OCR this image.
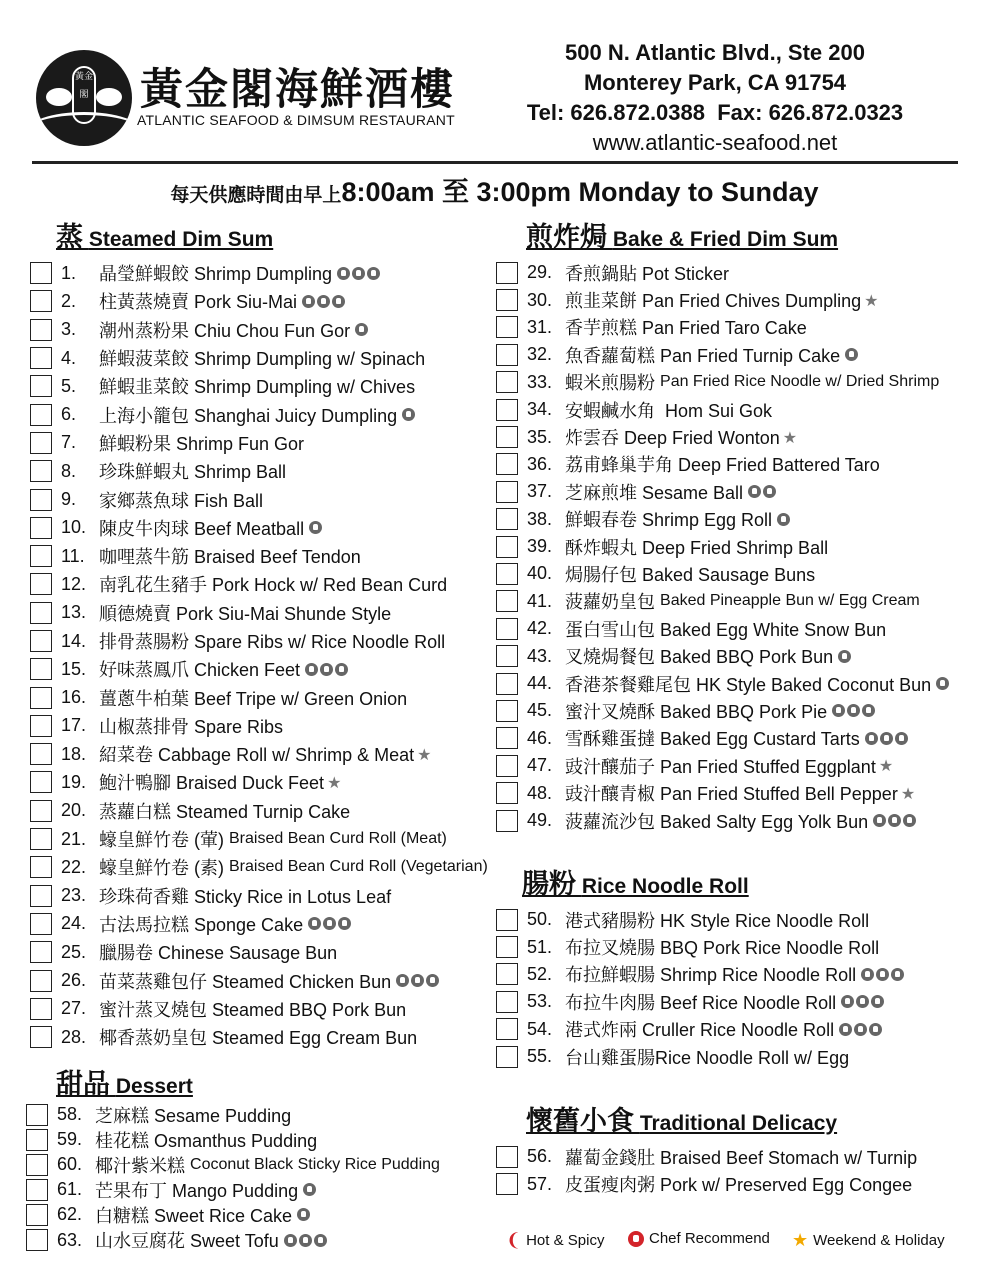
黃金閣 黃金閣海鮮酒樓
ATLANTIC SEAFOOD & DIMSUM RESTAURANT
500 N. Atlantic Blvd., Ste 200
Monterey Park, CA 91754
Tel: 626.872.0388  Fax: 626.872.0323
www.atlantic-seafood.net
每天供應時間由早上8:00am 至 3:00pm Monday to Sunday
蒸 Steamed Dim Sum
1.	晶瑩鮮蝦餃 Shrimp Dumpling
2.	柱黃蒸燒賣 Pork Siu-Mai
3.	潮州蒸粉果 Chiu Chou Fun Gor
4.	鮮蝦菠菜餃 Shrimp Dumpling w/ Spinach
5.	鮮蝦韭菜餃 Shrimp Dumpling w/ Chives
6.	上海小籠包 Shanghai Juicy Dumpling
7.	鮮蝦粉果 Shrimp Fun Gor
8.	珍珠鮮蝦丸 Shrimp Ball
9.	家鄉蒸魚球 Fish Ball
10. 陳皮牛肉球 Beef Meatball
11. 咖哩蒸牛筋 Braised Beef Tendon
12. 南乳花生豬手 Pork Hock w/ Red Bean Curd
13. 順德燒賣 Pork Siu-Mai Shunde Style
14. 排骨蒸腸粉 Spare Ribs w/ Rice Noodle Roll
15. 好味蒸鳳爪 Chicken Feet
16. 薑蔥牛柏葉 Beef Tripe w/ Green Onion
17. 山椒蒸排骨 Spare Ribs
18. 紹菜卷 Cabbage Roll w/ Shrimp & Meat ★
19. 鮑汁鴨腳 Braised Duck Feet ★
20. 蒸蘿白糕 Steamed Turnip Cake
21. 蠔皇鮮竹卷 (葷) Braised Bean Curd Roll (Meat)
22. 蠔皇鮮竹卷 (素) Braised Bean Curd Roll (Vegetarian)
23. 珍珠荷香雞 Sticky Rice in Lotus Leaf
24. 古法馬拉糕 Sponge Cake
25. 臘腸卷 Chinese Sausage Bun
26. 苗菜蒸雞包仔 Steamed Chicken Bun
27. 蜜汁蒸叉燒包 Steamed BBQ Pork Bun
28. 椰香蒸奶皇包 Steamed Egg Cream Bun
甜品 Dessert
58. 芝麻糕 Sesame Pudding
59. 桂花糕 Osmanthus Pudding
60. 椰汁紫米糕 Coconut Black Sticky Rice Pudding
61. 芒果布丁 Mango Pudding
62. 白糖糕 Sweet Rice Cake
63. 山水豆腐花 Sweet Tofu
煎炸焗 Bake & Fried Dim Sum
29. 香煎鍋貼 Pot Sticker
30. 煎韭菜餅 Pan Fried Chives Dumpling ★
31. 香芋煎糕 Pan Fried Taro Cake
32. 魚香蘿蔔糕 Pan Fried Turnip Cake
33. 蝦米煎腸粉 Pan Fried Rice Noodle w/ Dried Shrimp
34. 安蝦鹹水角  Hom Sui Gok
35. 炸雲吞 Deep Fried Wonton ★
36. 荔甫蜂巢芋角 Deep Fried Battered Taro
37. 芝麻煎堆 Sesame Ball
38. 鮮蝦春卷 Shrimp Egg Roll
39. 酥炸蝦丸 Deep Fried Shrimp Ball
40. 焗腸仔包 Baked Sausage Buns
41. 菠蘿奶皇包 Baked Pineapple Bun w/ Egg Cream
42. 蛋白雪山包 Baked Egg White Snow Bun
43. 叉燒焗餐包 Baked BBQ Pork Bun
44. 香港茶餐雞尾包 HK Style Baked Coconut Bun
45. 蜜汁叉燒酥 Baked BBQ Pork Pie
46. 雪酥雞蛋撻 Baked Egg Custard Tarts
47. 豉汁釀茄子 Pan Fried Stuffed Eggplant ★
48. 豉汁釀青椒 Pan Fried Stuffed Bell Pepper ★
49. 菠蘿流沙包 Baked Salty Egg Yolk Bun
腸粉 Rice Noodle Roll
50. 港式豬腸粉 HK Style Rice Noodle Roll
51. 布拉叉燒腸 BBQ Pork Rice Noodle Roll
52. 布拉鮮蝦腸 Shrimp Rice Noodle Roll
53. 布拉牛肉腸 Beef Rice Noodle Roll
54. 港式炸兩 Cruller Rice Noodle Roll
55. 台山雞蛋腸Rice Noodle Roll w/ Egg
懷舊小食 Traditional Delicacy
56. 蘿蔔金錢肚 Braised Beef Stomach w/ Turnip
57. 皮蛋瘦肉粥 Pork w/ Preserved Egg Congee
❨ Hot & Spicy	Chef Recommend ★ Weekend & Holiday
